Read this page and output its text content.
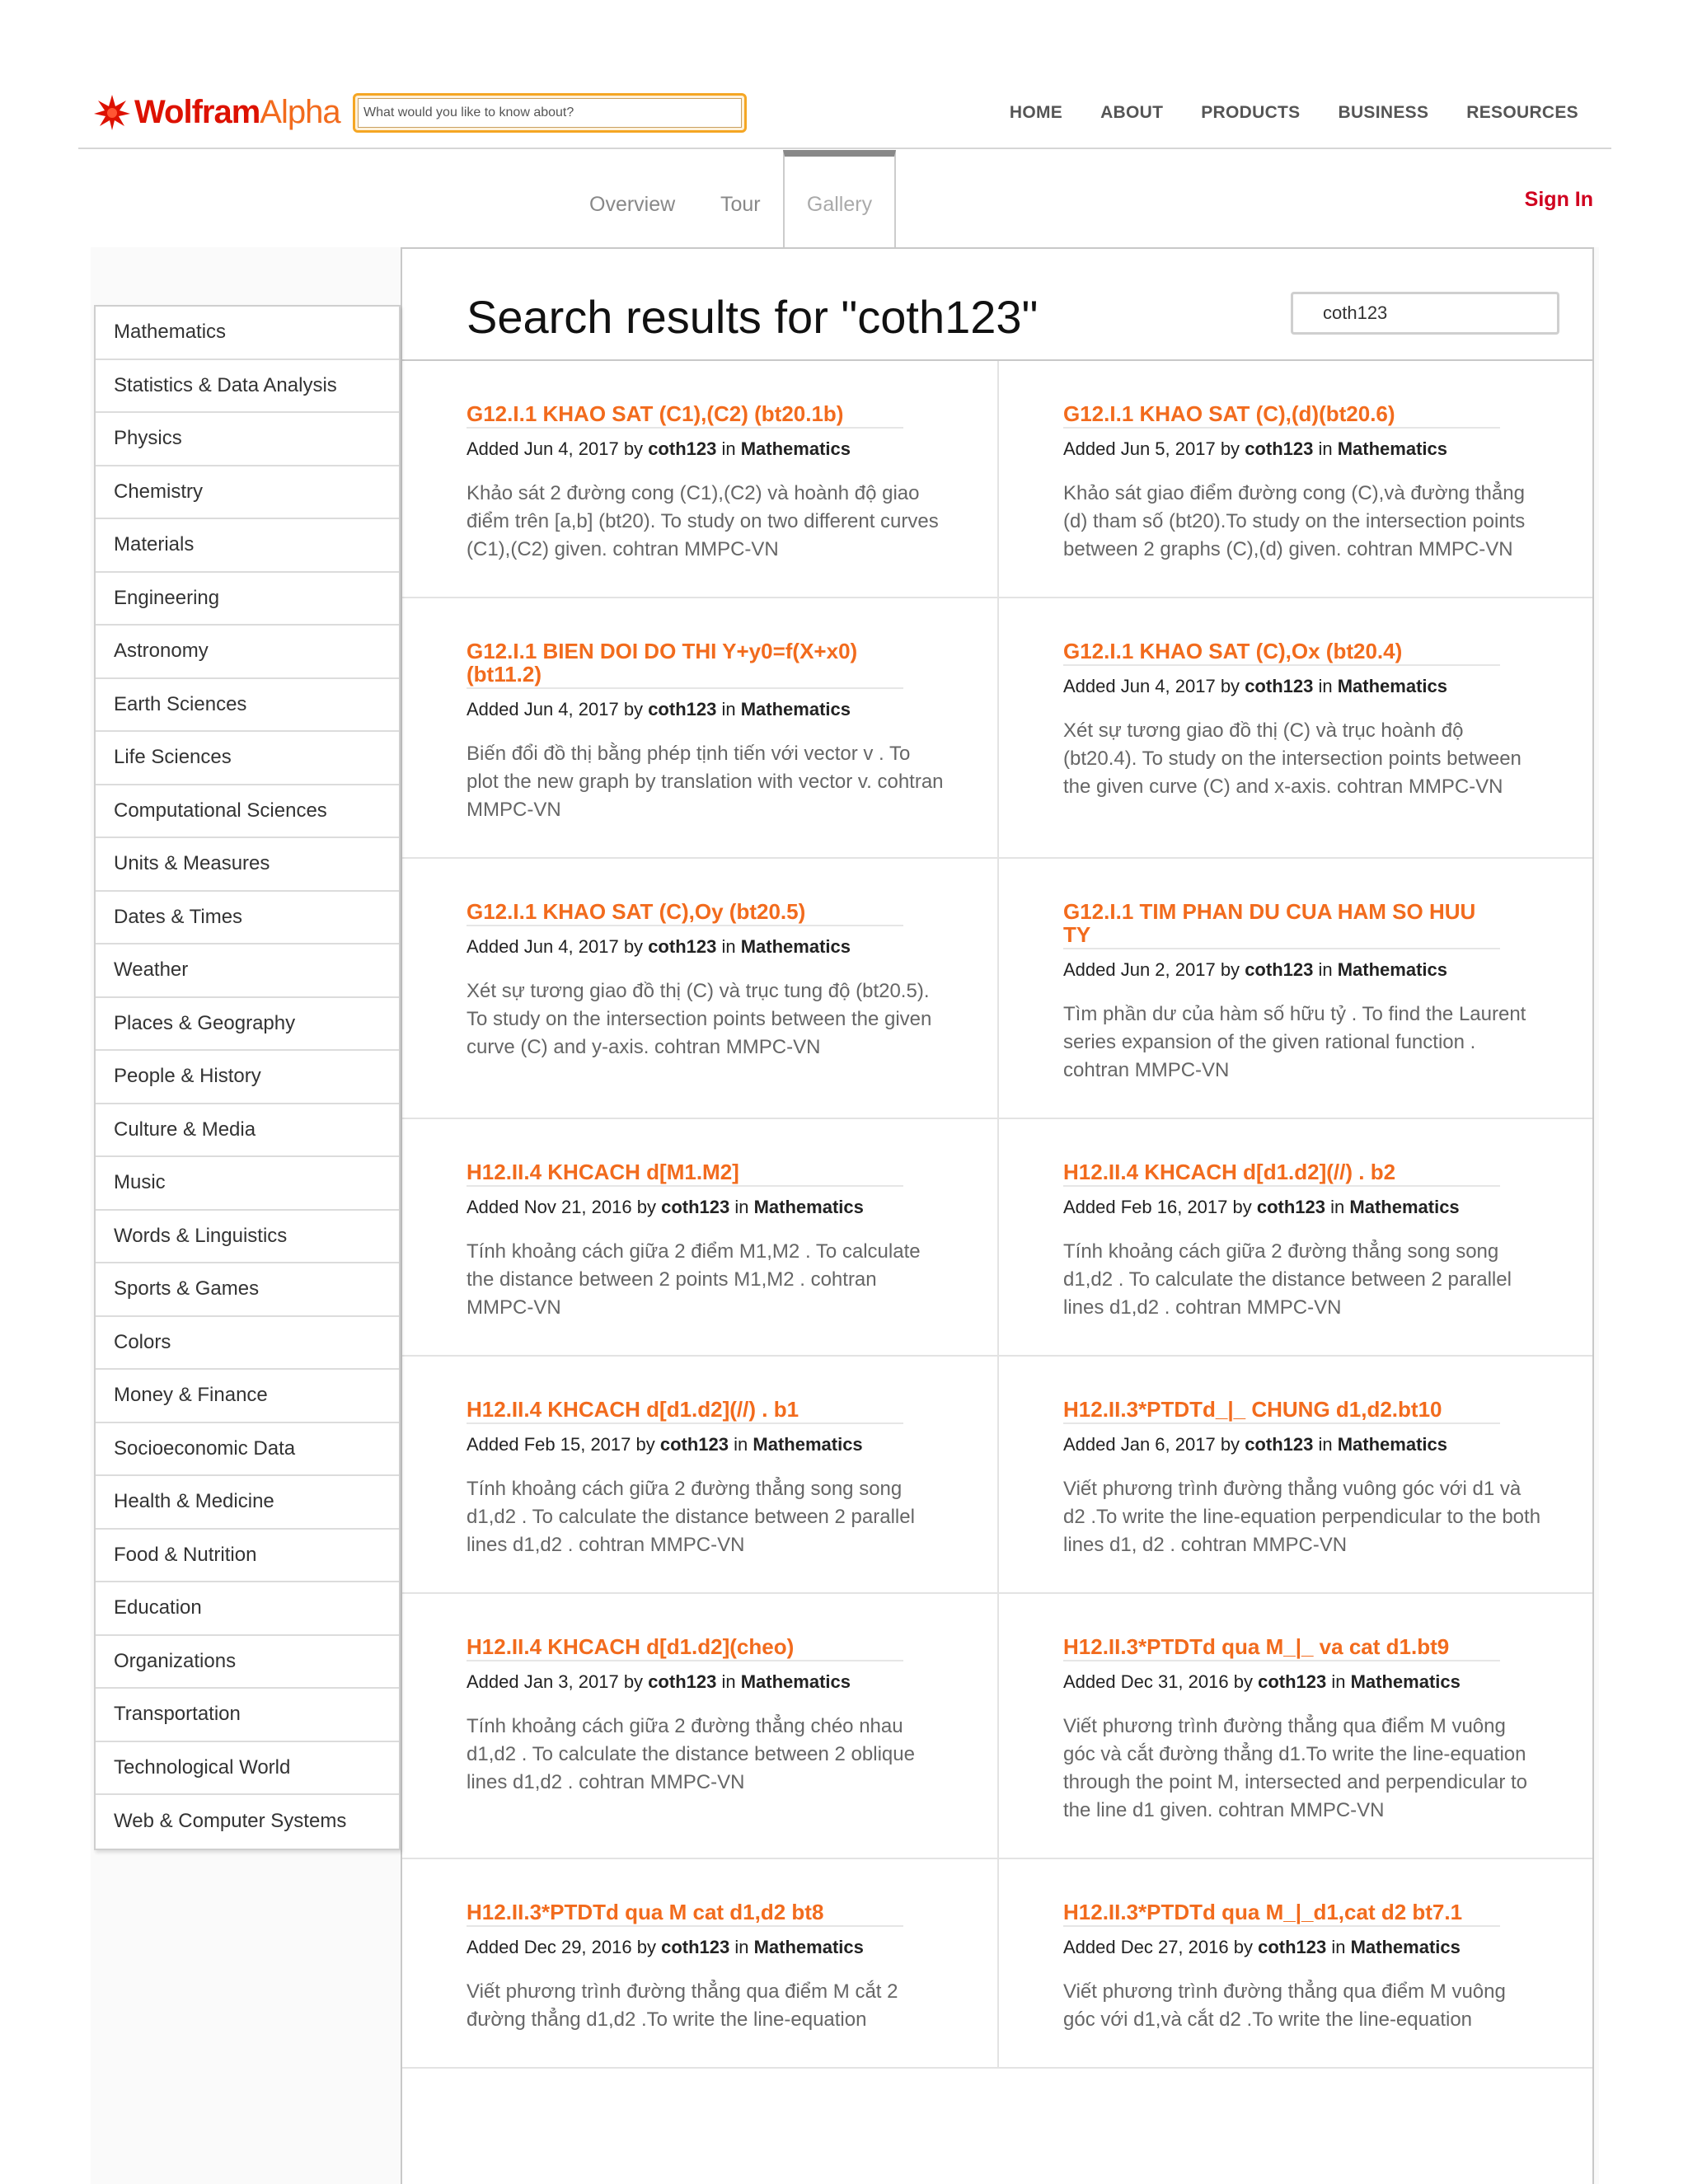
WolframAlpha
What would you like to know about?	HOME ABOUT PRODUCTS BUSINESS RESOURCES
Overview Tour	Gallery	Sign In
Search results for "coth123"
coth123
G12.I.1 KHAO SAT (C1),(C2) (bt20.1b)
Added Jun 4, 2017 by coth123 in Mathematics
Khảo sát 2 đường cong (C1),(C2) và hoành độ giao điểm trên [a,b] (bt20). To study on two different curves (C1),(C2) given. cohtran MMPC-VN
G12.I.1 KHAO SAT (C),(d)(bt20.6)
Added Jun 5, 2017 by coth123 in Mathematics
Khảo sát giao điểm đường cong (C),và đường thẳng (d) tham số (bt20).To study on the intersection points between 2 graphs (C),(d) given. cohtran MMPC-VN
G12.I.1 BIEN DOI DO THI Y+y0=f(X+x0) (bt11.2)
Added Jun 4, 2017 by coth123 in Mathematics
Biến đổi đồ thị bằng phép tịnh tiến với vector v . To plot the new graph by translation with vector v. cohtran MMPC-VN
G12.I.1 KHAO SAT (C),Ox (bt20.4)
Added Jun 4, 2017 by coth123 in Mathematics
Xét sự tương giao đồ thị (C) và trục hoành độ (bt20.4). To study on the intersection points between the given curve (C) and x-axis. cohtran MMPC-VN
G12.I.1 KHAO SAT (C),Oy (bt20.5)
Added Jun 4, 2017 by coth123 in Mathematics
Xét sự tương giao đồ thị (C) và trục tung độ (bt20.5). To study on the intersection points between the given curve (C) and y-axis. cohtran MMPC-VN
G12.I.1 TIM PHAN DU CUA HAM SO HUU TY
Added Jun 2, 2017 by coth123 in Mathematics
Tìm phần dư của hàm số hữu tỷ . To find the Laurent series expansion of the given rational function . cohtran MMPC-VN
H12.II.4 KHCACH d[M1.M2]
Added Nov 21, 2016 by coth123 in Mathematics
Tính khoảng cách giữa 2 điểm M1,M2 . To calculate the distance between 2 points M1,M2 . cohtran MMPC-VN
H12.II.4 KHCACH d[d1.d2](//) . b2
Added Feb 16, 2017 by coth123 in Mathematics
Tính khoảng cách giữa 2 đường thẳng song song d1,d2 . To calculate the distance between 2 parallel lines d1,d2 . cohtran MMPC-VN
H12.II.4 KHCACH d[d1.d2](//) . b1
Added Feb 15, 2017 by coth123 in Mathematics
Tính khoảng cách giữa 2 đường thẳng song song d1,d2 . To calculate the distance between 2 parallel lines d1,d2 . cohtran MMPC-VN
H12.II.3*PTDTd_|_ CHUNG d1,d2.bt10
Added Jan 6, 2017 by coth123 in Mathematics
Viết phương trình đường thẳng vuông góc với d1 và d2 .To write the line-equation perpendicular to the both lines d1, d2 . cohtran MMPC-VN
H12.II.4 KHCACH d[d1.d2](cheo)
Added Jan 3, 2017 by coth123 in Mathematics
Tính khoảng cách giữa 2 đường thẳng chéo nhau d1,d2 . To calculate the distance between 2 oblique lines d1,d2 . cohtran MMPC-VN
H12.II.3*PTDTd qua M_|_ va cat d1.bt9
Added Dec 31, 2016 by coth123 in Mathematics
Viết phương trình đường thẳng qua điểm M vuông góc và cắt đường thẳng d1.To write the line-equation through the point M, intersected and perpendicular to the line d1 given. cohtran MMPC-VN
H12.II.3*PTDTd qua M cat d1,d2 bt8
Added Dec 29, 2016 by coth123 in Mathematics
Viết phương trình đường thẳng qua điểm M cắt 2 đường thẳng d1,d2 .To write the line-equation
H12.II.3*PTDTd qua M_|_d1,cat d2 bt7.1
Added Dec 27, 2016 by coth123 in Mathematics
Viết phương trình đường thẳng qua điểm M vuông góc với d1,và cắt d2 .To write the line-equation
Mathematics
Statistics & Data Analysis
Physics
Chemistry
Materials
Engineering
Astronomy
Earth Sciences
Life Sciences
Computational Sciences
Units & Measures
Dates & Times
Weather
Places & Geography
People & History
Culture & Media
Music
Words & Linguistics
Sports & Games
Colors
Money & Finance
Socioeconomic Data
Health & Medicine
Food & Nutrition
Education
Organizations
Transportation
Technological World
Web & Computer Systems
